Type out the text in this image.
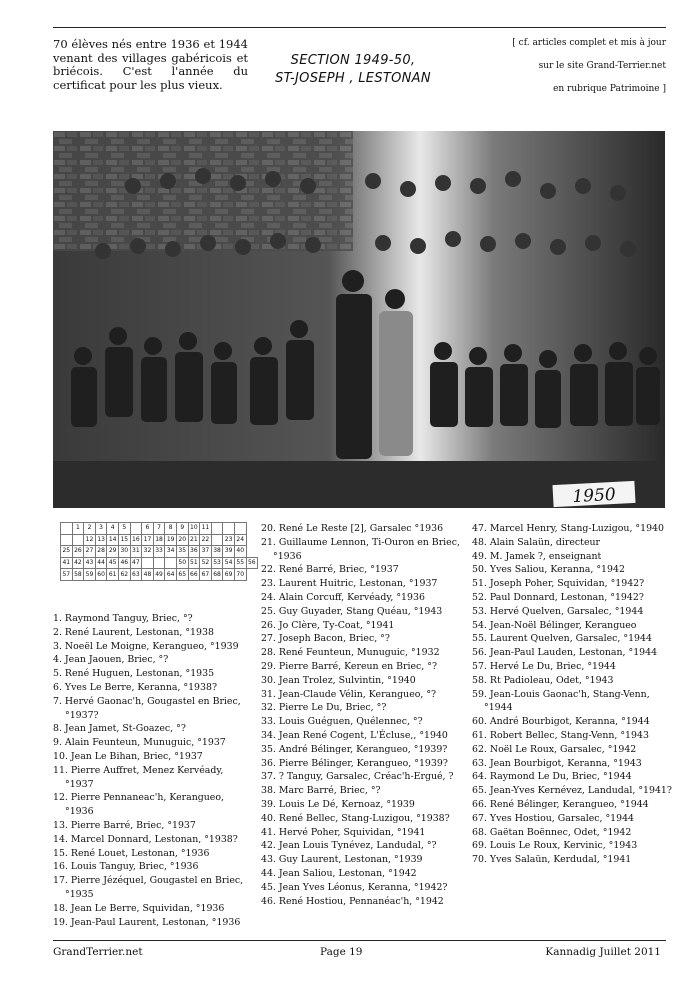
70 élèves nés entre 1936 et 1944 venant des villages gabéricois et briécois. C'est l'année du certificat pour les plus vieux.
SECTION 1949-50,
ST-JOSEPH , LESTONAN
[ cf. articles complet et mis à jour
sur le site Grand-Terrier.net
en rubrique Patrimoine ]
1950
	1	2	3	4	5		6	7	8	9	10	11				
		12	13	14	15	16	17	18	19	20	21	22		23	24	
25	26	27	28	29	30	31	32	33	34	35	36	37	38	39	40	
41	42	43	44	45	46	47				50	51	52	53	54	55	56
57	58	59	60	61	62	63	48	49	64	65	66	67	68	69	70	
1. Raymond Tanguy, Briec, °?
2. René Laurent, Lestonan, °1938
3. Noeël Le Moigne, Kerangueo, °1939
4. Jean Jaouen, Briec, °?
5. René Huguen, Lestonan, °1935
6. Yves Le Berre, Keranna, °1938?
7. Hervé Gaonac'h, Gougastel en Briec, °1937?
8. Jean Jamet, St-Goazec, °?
9. Alain Feunteun, Munuguic, °1937
10. Jean Le Bihan, Briec, °1937
11. Pierre Auffret, Menez Kervéady, °1937
12. Pierre Pennaneac'h, Kerangueo, °1936
13. Pierre Barré, Briec, °1937
14. Marcel Donnard, Lestonan, °1938?
15. René Louet, Lestonan, °1936
16. Louis Tanguy, Briec, °1936
17. Pierre Jézéquel, Gougastel en Briec, °1935
18. Jean Le Berre, Squividan, °1936
19. Jean-Paul Laurent, Lestonan, °1936
20. René Le Reste [2], Garsalec °1936
21. Guillaume Lennon, Ti-Ouron en Briec, °1936
22. René Barré, Briec, °1937
23. Laurent Huitric, Lestonan, °1937
24. Alain Corcuff, Kervéady, °1936
25. Guy Guyader, Stang Quéau, °1943
26. Jo Clère, Ty-Coat, °1941
27. Joseph Bacon, Briec, °?
28. René Feunteun, Munuguic, °1932
29. Pierre Barré, Kereun en Briec, °?
30. Jean Trolez, Sulvintin, °1940
31. Jean-Claude Vélin, Kerangueo, °?
32. Pierre Le Du, Briec, °?
33. Louis Guéguen, Quélennec, °?
34. Jean René Cogent, L'Écluse,, °1940
35. André Bélinger, Kerangueo, °1939?
36. Pierre Bélinger, Kerangueo, °1939?
37. ? Tanguy, Garsalec, Créac'h-Ergué, ?
38. Marc Barré, Briec, °?
39. Louis Le Dé, Kernoaz, °1939
40. René Bellec, Stang-Luzigou, °1938?
41. Hervé Poher, Squividan, °1941
42. Jean Louis Tynévez, Landudal, °?
43. Guy Laurent, Lestonan, °1939
44. Jean Saliou, Lestonan, °1942
45. Jean Yves Léonus, Keranna, °1942?
46. René Hostiou, Pennanéac'h, °1942
47. Marcel Henry, Stang-Luzigou, °1940
48. Alain Salaün, directeur
49. M. Jamek ?, enseignant
50. Yves Saliou, Keranna, °1942
51. Joseph Poher, Squividan, °1942?
52. Paul Donnard, Lestonan, °1942?
53. Hervé Quelven, Garsalec, °1944
54. Jean-Noël Bélinger, Kerangueo
55. Laurent Quelven, Garsalec, °1944
56. Jean-Paul Lauden, Lestonan, °1944
57. Hervé Le Du, Briec, °1944
58. Rt Padioleau, Odet, °1943
59. Jean-Louis Gaonac'h, Stang-Venn, °1944
60. André Bourbigot, Keranna, °1944
61. Robert Bellec, Stang-Venn, °1943
62. Noël Le Roux, Garsalec, °1942
63. Jean Bourbigot, Keranna, °1943
64. Raymond Le Du, Briec, °1944
65. Jean-Yves Kernévez, Landudal, °1941?
66. René Bélinger, Kerangueo, °1944
67. Yves Hostiou, Garsalec, °1944
68. Gaëtan Boënnec, Odet, °1942
69. Louis Le Roux, Kervinic, °1943
70. Yves Salaün, Kerdudal, °1941
GrandTerrier.net	Page 19	Kannadig Juillet 2011
